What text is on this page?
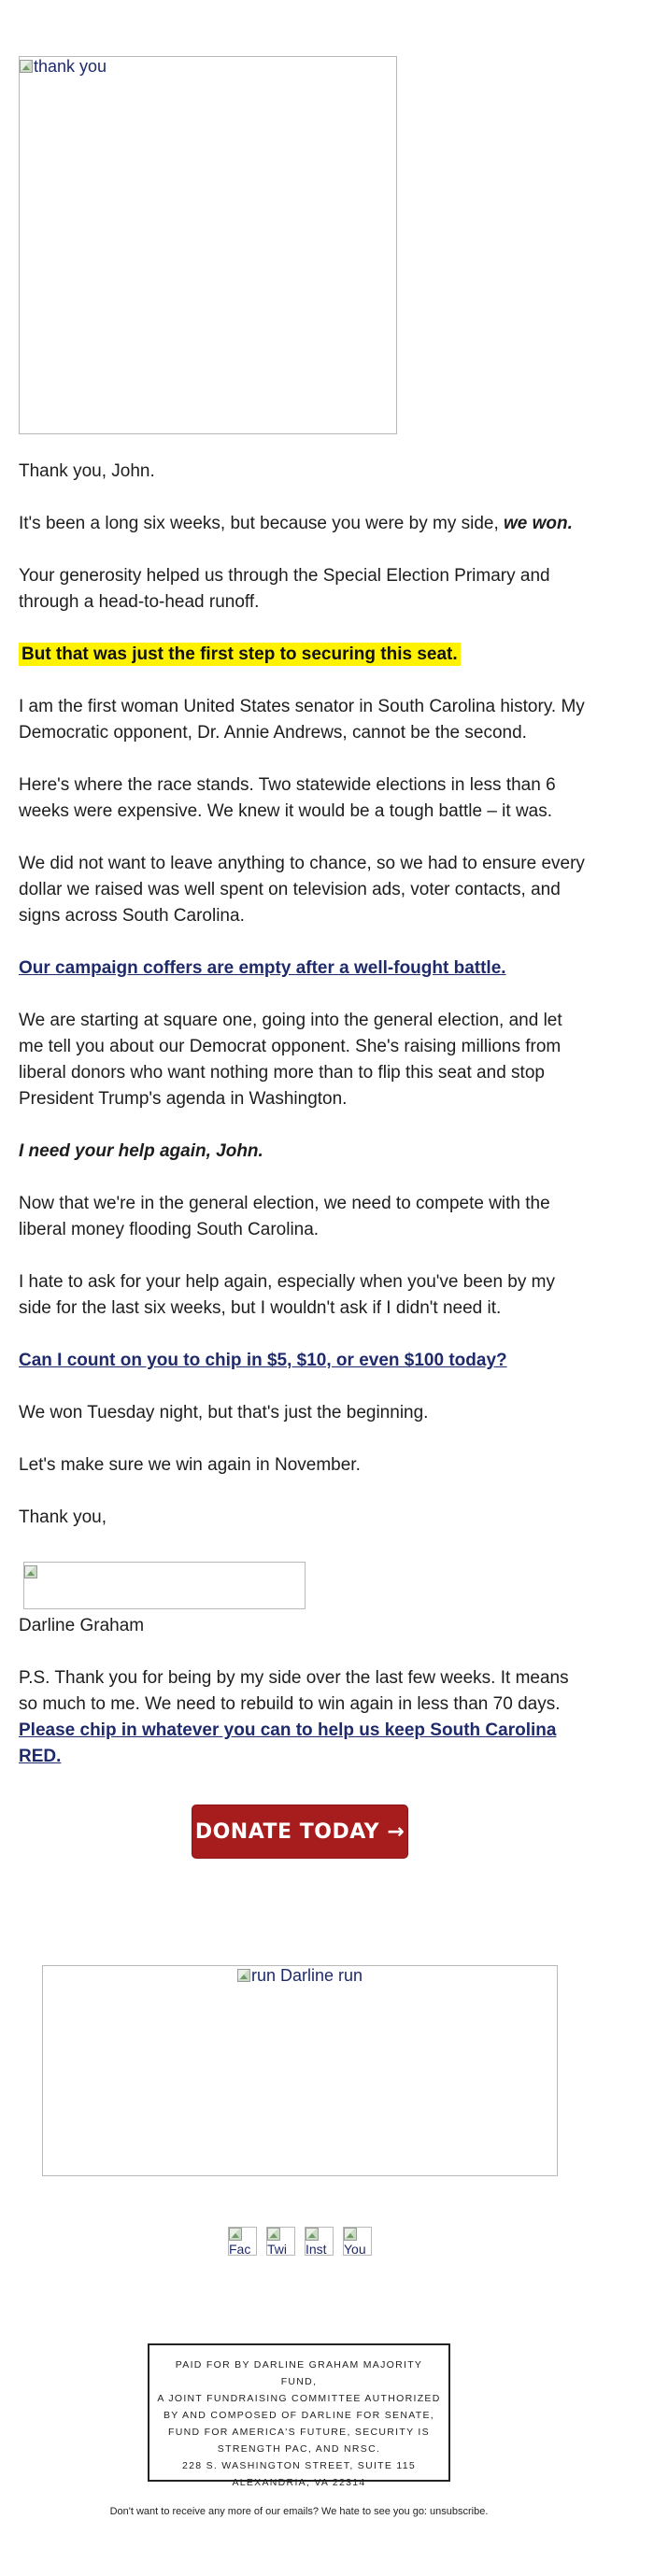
thank you

Thank you, John.

It's been a long six weeks, but because you were by my side, we won.

Your generosity helped us through the Special Election Primary and through a head-to-head runoff.

But that was just the first step to securing this seat.

I am the first woman United States senator in South Carolina history. My Democratic opponent, Dr. Annie Andrews, cannot be the second.

Here's where the race stands. Two statewide elections in less than 6 weeks were expensive. We knew it would be a tough battle – it was.

We did not want to leave anything to chance, so we had to ensure every dollar we raised was well spent on television ads, voter contacts, and signs across South Carolina.

Our campaign coffers are empty after a well-fought battle.

We are starting at square one, going into the general election, and let me tell you about our Democrat opponent. She's raising millions from liberal donors who want nothing more than to flip this seat and stop President Trump's agenda in Washington.

I need your help again, John.

Now that we're in the general election, we need to compete with the liberal money flooding South Carolina.

I hate to ask for your help again, especially when you've been by my side for the last six weeks, but I wouldn't ask if I didn't need it.

Can I count on you to chip in $5, $10, or even $100 today?

We won Tuesday night, but that's just the beginning.

Let's make sure we win again in November.

Thank you,

Darline Graham

P.S. Thank you for being by my side over the last few weeks. It means so much to me. We need to rebuild to win again in less than 70 days. Please chip in whatever you can to help us keep South Carolina RED.

DONATE TODAY →
run Darline run
Fac	Twi	Inst	You
PAID FOR BY DARLINE GRAHAM MAJORITY FUND,
A JOINT FUNDRAISING COMMITTEE AUTHORIZED
BY AND COMPOSED OF DARLINE FOR SENATE,
FUND FOR AMERICA'S FUTURE, SECURITY IS
STRENGTH PAC, AND NRSC.
228 S. WASHINGTON STREET, SUITE 115
ALEXANDRIA, VA 22314
Don't want to receive any more of our emails? We hate to see you go: unsubscribe.
